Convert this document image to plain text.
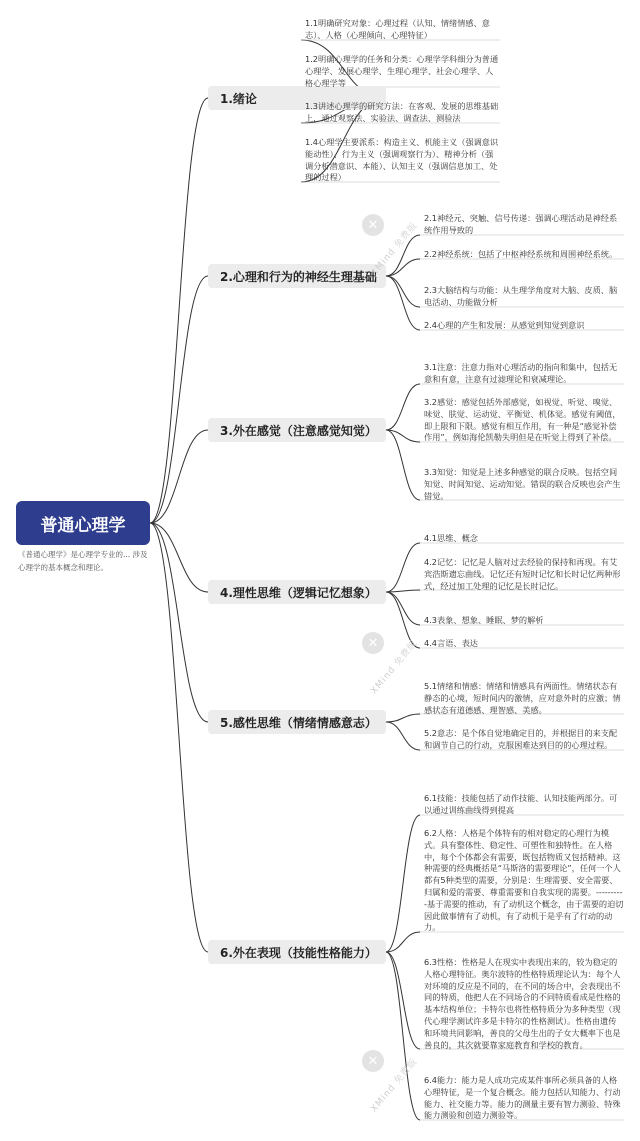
普通心理学
《普通心理学》是心理学专业的... 涉及心理学的基本概念和理论。
1.绪论
1.1明确研究对象：心理过程（认知、情绪情感、意志）、人格（心理倾向、心理特征）
1.2明确心理学的任务和分类：心理学学科细分为普通心理学、发展心理学、生理心理学、社会心理学、人格心理学等
1.3讲述心理学的研究方法：在客观、发展的思维基础上，通过观察法、实验法、调查法、测验法
1.4心理学主要派系：构造主义、机能主义（强调意识能动性）、行为主义（强调观察行为）、精神分析（强调分析潜意识、本能）、认知主义（强调信息加工、处理的过程）
2.心理和行为的神经生理基础
2.1神经元、突触、信号传递：强调心理活动是神经系统作用导致的
2.2神经系统：包括了中枢神经系统和周围神经系统。
2.3大脑结构与功能：从生理学角度对大脑、皮质、脑电活动、功能做分析
2.4心理的产生和发展：从感觉到知觉到意识
3.外在感觉（注意感觉知觉）
3.1注意：注意力指对心理活动的指向和集中，包括无意和有意，注意有过滤理论和衰减理论。
3.2感觉：感觉包括外部感觉，如视觉、听觉、嗅觉、味觉、肤觉、运动觉、平衡觉、机体觉。感觉有阈值，即上限和下限。感觉有相互作用，有一种是“感觉补偿作用”，例如海伦凯勒失明但是在听觉上得到了补偿。
3.3知觉：知觉是上述多种感觉的联合反映。包括空间知觉、时间知觉、运动知觉。错误的联合反映也会产生错觉。
4.理性思维（逻辑记忆想象）
4.1思维、概念
4.2记忆：记忆是人脑对过去经验的保持和再现。有艾宾浩斯遗忘曲线。记忆还有短时记忆和长时记忆两种形式，经过加工处理的记忆是长时记忆。
4.3表象、想象、睡眠、梦的解析
4.4言语、表达
5.感性思维（情绪情感意志）
5.1情绪和情感：情绪和情感具有两面性。情绪状态有静态的心境，短时间内的激情，应对意外时的应激；情感状态有道德感、理智感、美感。
5.2意志：是个体自觉地确定目的，并根据目的来支配和调节自己的行动，克服困难达到目的的心理过程。
6.外在表现（技能性格能力）
6.1技能：技能包括了动作技能、认知技能两部分。可以通过训练曲线得到提高
6.2人格：人格是个体特有的相对稳定的心理行为模式。具有整体性、稳定性、可塑性和独特性。在人格中，每个个体都会有需要，既包括物质又包括精神。这种需要的经典概括是“马斯洛的需要理论”，任何一个人都有5种类型的需要，分别是：生理需要、安全需要、归属和爱的需要、尊重需要和自我实现的需要。----------基于需要的推动，有了动机这个概念，由于需要的迫切因此做事情有了动机，有了动机于是乎有了行动的动力。
6.3性格：性格是人在现实中表现出来的，较为稳定的人格心理特征。奥尔波特的性格特质理论认为：每个人对环境的反应是不同的，在不同的场合中，会表现出不同的特质，他把人在不同场合的不同特质看成是性格的基本结构单位；卡特尔也将性格特质分为多种类型（现代心理学测试许多是卡特尔的性格测试）。性格由遗传和环境共同影响，善良的父母生出的子女大概率下也是善良的，其次就要靠家庭教育和学校的教育。
6.4能力：能力是人成功完成某件事所必须具备的人格心理特征，是一个复合概念。能力包括认知能力、行动能力、社交能力等。能力的测量主要有智力测验、特殊能力测验和创造力测验等。
✕
XMind 免费版
✕
XMind 免费版
✕
XMind 免费版
